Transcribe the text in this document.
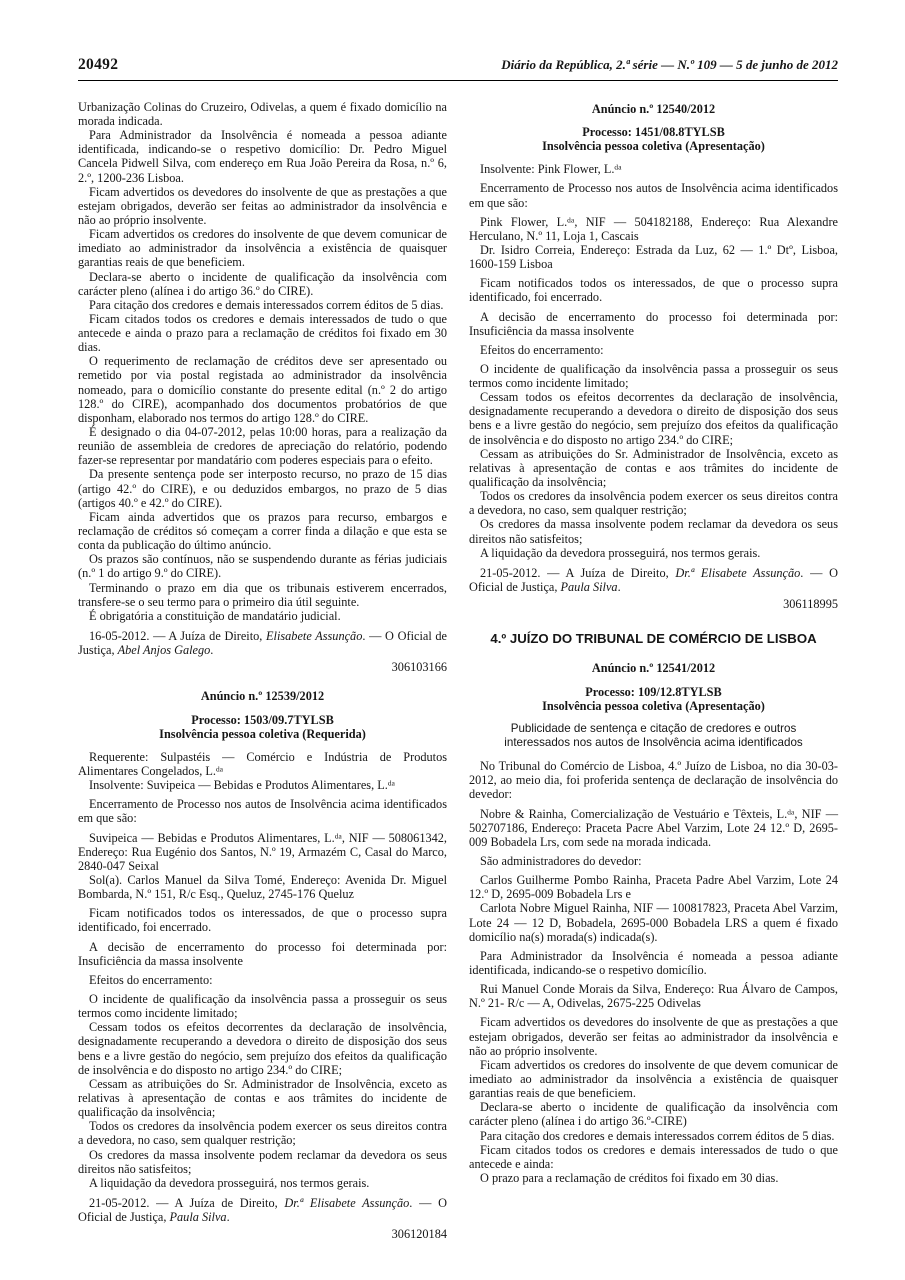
20492	Diário da República, 2.ª série — N.º 109 — 5 de junho de 2012

Urbanização Colinas do Cruzeiro, Odivelas, a quem é fixado domicílio na morada indicada.

Para Administrador da Insolvência é nomeada a pessoa adiante identificada, indicando-se o respetivo domicílio: Dr. Pedro Miguel Cancela Pidwell Silva, com endereço em Rua João Pereira da Rosa, n.º 6, 2.º, 1200-236 Lisboa.

Ficam advertidos os devedores do insolvente de que as prestações a que estejam obrigados, deverão ser feitas ao administrador da insolvência e não ao próprio insolvente.

Ficam advertidos os credores do insolvente de que devem comunicar de imediato ao administrador da insolvência a existência de quaisquer garantias reais de que beneficiem.

Declara-se aberto o incidente de qualificação da insolvência com carácter pleno (alínea i do artigo 36.º do CIRE).

Para citação dos credores e demais interessados correm éditos de 5 dias.

Ficam citados todos os credores e demais interessados de tudo o que antecede e ainda o prazo para a reclamação de créditos foi fixado em 30 dias.

O requerimento de reclamação de créditos deve ser apresentado ou remetido por via postal registada ao administrador da insolvência nomeado, para o domicílio constante do presente edital (n.º 2 do artigo 128.º do CIRE), acompanhado dos documentos probatórios de que disponham, elaborado nos termos do artigo 128.º do CIRE.

É designado o dia 04-07-2012, pelas 10:00 horas, para a realização da reunião de assembleia de credores de apreciação do relatório, podendo fazer-se representar por mandatário com poderes especiais para o efeito.

Da presente sentença pode ser interposto recurso, no prazo de 15 dias (artigo 42.º do CIRE), e ou deduzidos embargos, no prazo de 5 dias (artigos 40.º e 42.º do CIRE).

Ficam ainda advertidos que os prazos para recurso, embargos e reclamação de créditos só começam a correr finda a dilação e que esta se conta da publicação do último anúncio.

Os prazos são contínuos, não se suspendendo durante as férias judiciais (n.º 1 do artigo 9.º do CIRE).

Terminando o prazo em dia que os tribunais estiverem encerrados, transfere-se o seu termo para o primeiro dia útil seguinte.

É obrigatória a constituição de mandatário judicial.

16-05-2012. — A Juíza de Direito, Elisabete Assunção. — O Oficial de Justiça, Abel Anjos Galego.

306103166

Anúncio n.º 12539/2012

Processo: 1503/09.7TYLSB

Insolvência pessoa coletiva (Requerida)

Requerente: Sulpastéis — Comércio e Indústria de Produtos Alimentares Congelados, L.ᵈᵃ

Insolvente: Suvipeica — Bebidas e Produtos Alimentares, L.ᵈᵃ

Encerramento de Processo nos autos de Insolvência acima identificados em que são:

Suvipeica — Bebidas e Produtos Alimentares, L.ᵈᵃ, NIF — 508061342, Endereço: Rua Eugénio dos Santos, N.º 19, Armazém C, Casal do Marco, 2840-047 Seixal

Sol(a). Carlos Manuel da Silva Tomé, Endereço: Avenida Dr. Miguel Bombarda, N.º 151, R/c Esq., Queluz, 2745-176 Queluz

Ficam notificados todos os interessados, de que o processo supra identificado, foi encerrado.

A decisão de encerramento do processo foi determinada por: Insuficiência da massa insolvente

Efeitos do encerramento:

O incidente de qualificação da insolvência passa a prosseguir os seus termos como incidente limitado;

Cessam todos os efeitos decorrentes da declaração de insolvência, designadamente recuperando a devedora o direito de disposição dos seus bens e a livre gestão do negócio, sem prejuízo dos efeitos da qualificação de insolvência e do disposto no artigo 234.º do CIRE;

Cessam as atribuições do Sr. Administrador de Insolvência, exceto as relativas à apresentação de contas e aos trâmites do incidente de qualificação da insolvência;

Todos os credores da insolvência podem exercer os seus direitos contra a devedora, no caso, sem qualquer restrição;

Os credores da massa insolvente podem reclamar da devedora os seus direitos não satisfeitos;

A liquidação da devedora prosseguirá, nos termos gerais.

21-05-2012. — A Juíza de Direito, Dr.ª Elisabete Assunção. — O Oficial de Justiça, Paula Silva.

306120184

Anúncio n.º 12540/2012

Processo: 1451/08.8TYLSB

Insolvência pessoa coletiva (Apresentação)

Insolvente: Pink Flower, L.ᵈᵃ

Encerramento de Processo nos autos de Insolvência acima identificados em que são:

Pink Flower, L.ᵈᵃ, NIF — 504182188, Endereço: Rua Alexandre Herculano, N.º 11, Loja 1, Cascais

Dr. Isidro Correia, Endereço: Estrada da Luz, 62 — 1.º Dtº, Lisboa, 1600-159 Lisboa

Ficam notificados todos os interessados, de que o processo supra identificado, foi encerrado.

A decisão de encerramento do processo foi determinada por: Insuficiência da massa insolvente

Efeitos do encerramento:

O incidente de qualificação da insolvência passa a prosseguir os seus termos como incidente limitado;

Cessam todos os efeitos decorrentes da declaração de insolvência, designadamente recuperando a devedora o direito de disposição dos seus bens e a livre gestão do negócio, sem prejuízo dos efeitos da qualificação de insolvência e do disposto no artigo 234.º do CIRE;

Cessam as atribuições do Sr. Administrador de Insolvência, exceto as relativas à apresentação de contas e aos trâmites do incidente de qualificação da insolvência;

Todos os credores da insolvência podem exercer os seus direitos contra a devedora, no caso, sem qualquer restrição;

Os credores da massa insolvente podem reclamar da devedora os seus direitos não satisfeitos;

A liquidação da devedora prosseguirá, nos termos gerais.

21-05-2012. — A Juíza de Direito, Dr.ª Elisabete Assunção. — O Oficial de Justiça, Paula Silva.

306118995

4.º JUÍZO DO TRIBUNAL DE COMÉRCIO DE LISBOA
Anúncio n.º 12541/2012

Processo: 109/12.8TYLSB

Insolvência pessoa coletiva (Apresentação)

Publicidade de sentença e citação de credores e outros interessados nos autos de Insolvência acima identificados

No Tribunal do Comércio de Lisboa, 4.º Juízo de Lisboa, no dia 30-03-2012, ao meio dia, foi proferida sentença de declaração de insolvência do devedor:

Nobre & Rainha, Comercialização de Vestuário e Têxteis, L.ᵈᵃ, NIF — 502707186, Endereço: Praceta Pacre Abel Varzim, Lote 24 12.º D, 2695-009 Bobadela Lrs, com sede na morada indicada.

São administradores do devedor:

Carlos Guilherme Pombo Rainha, Praceta Padre Abel Varzim, Lote 24 12.º D, 2695-009 Bobadela Lrs e

Carlota Nobre Miguel Rainha, NIF — 100817823, Praceta Abel Varzim, Lote 24 — 12 D, Bobadela, 2695-000 Bobadela LRS a quem é fixado domicílio na(s) morada(s) indicada(s).

Para Administrador da Insolvência é nomeada a pessoa adiante identificada, indicando-se o respetivo domicílio.

Rui Manuel Conde Morais da Silva, Endereço: Rua Álvaro de Campos, N.º 21- R/c — A, Odivelas, 2675-225 Odivelas

Ficam advertidos os devedores do insolvente de que as prestações a que estejam obrigados, deverão ser feitas ao administrador da insolvência e não ao próprio insolvente.

Ficam advertidos os credores do insolvente de que devem comunicar de imediato ao administrador da insolvência a existência de quaisquer garantias reais de que beneficiem.

Declara-se aberto o incidente de qualificação da insolvência com carácter pleno (alínea i do artigo 36.º-CIRE)

Para citação dos credores e demais interessados correm éditos de 5 dias.

Ficam citados todos os credores e demais interessados de tudo o que antecede e ainda:

O prazo para a reclamação de créditos foi fixado em 30 dias.
